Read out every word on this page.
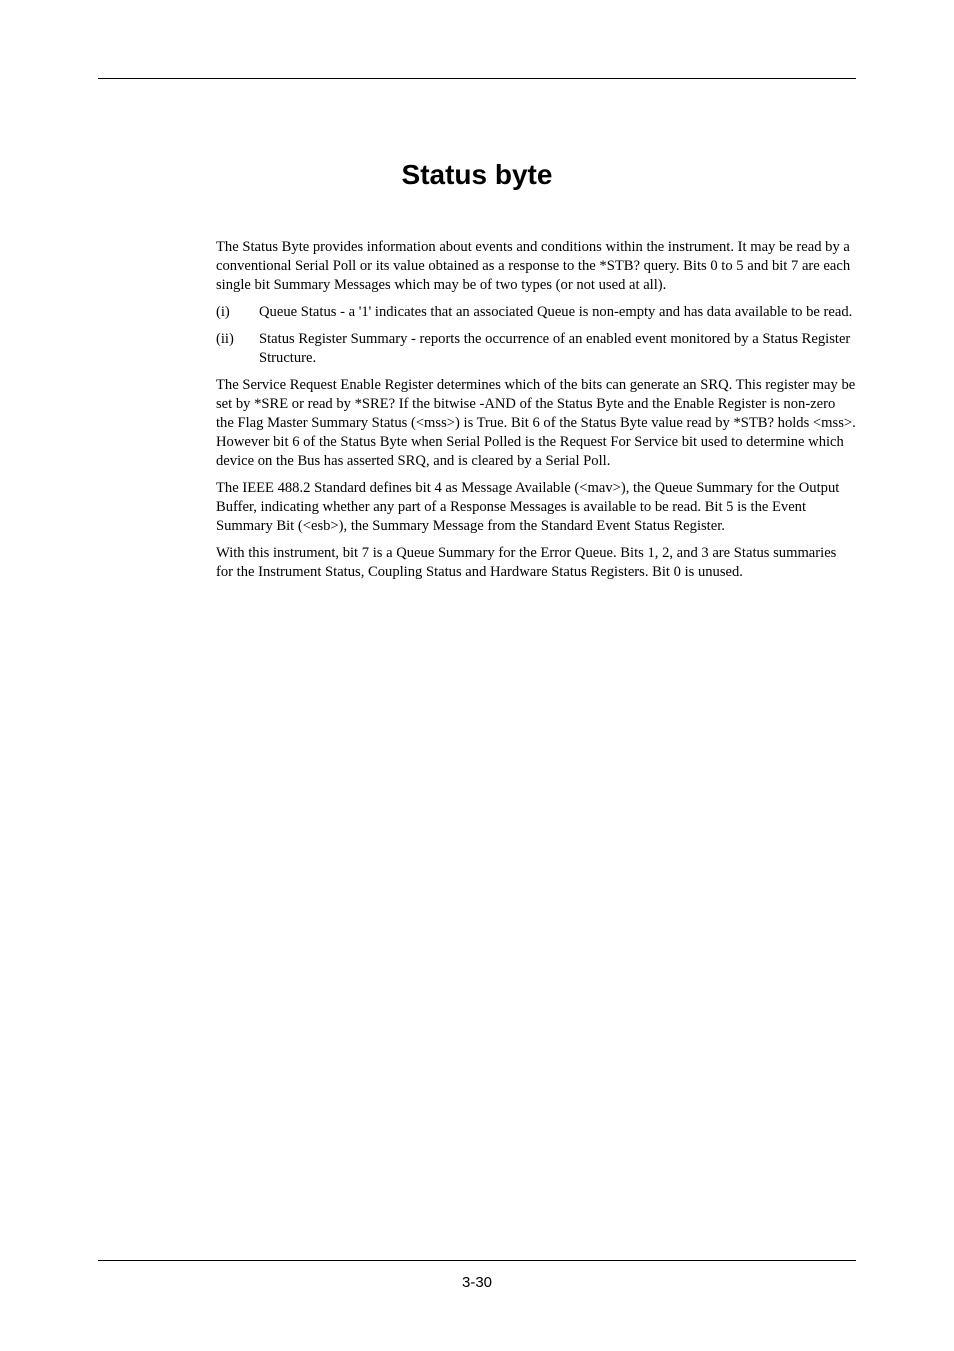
Status byte

The Status Byte provides information about events and conditions within the instrument. It may be read by a conventional Serial Poll or its value obtained as a response to the *STB? query. Bits 0 to 5 and bit 7 are each single bit Summary Messages which may be of two types (or not used at all).

(i) Queue Status - a '1' indicates that an associated Queue is non-empty and has data available to be read.
(ii) Status Register Summary - reports the occurrence of an enabled event monitored by a Status Register Structure.

The Service Request Enable Register determines which of the bits can generate an SRQ. This register may be set by *SRE or read by *SRE? If the bitwise -AND of the Status Byte and the Enable Register is non-zero the Flag Master Summary Status (<mss>) is True. Bit 6 of the Status Byte value read by *STB? holds <mss>. However bit 6 of the Status Byte when Serial Polled is the Request For Service bit used to determine which device on the Bus has asserted SRQ, and is cleared by a Serial Poll.

The IEEE 488.2 Standard defines bit 4 as Message Available (<mav>), the Queue Summary for the Output Buffer, indicating whether any part of a Response Messages is available to be read. Bit 5 is the Event Summary Bit (<esb>), the Summary Message from the Standard Event Status Register.

With this instrument, bit 7 is a Queue Summary for the Error Queue. Bits 1, 2, and 3 are Status summaries for the Instrument Status, Coupling Status and Hardware Status Registers. Bit 0 is unused.

3-30
